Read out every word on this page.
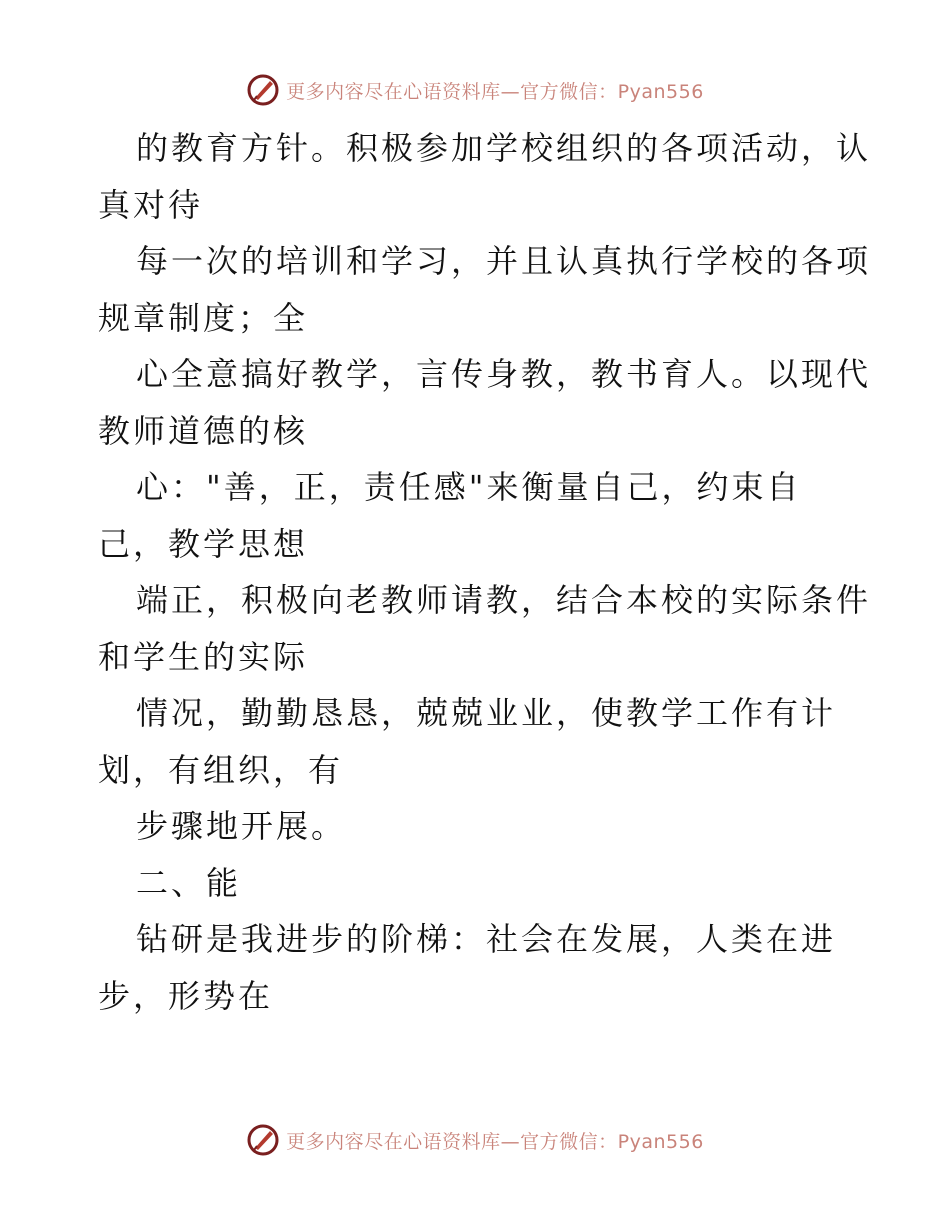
更多内容尽在心语资料库—官方微信：Pyan556
的教育方针。积极参加学校组织的各项活动，认
真对待
每一次的培训和学习，并且认真执行学校的各项
规章制度；全
心全意搞好教学，言传身教，教书育人。以现代
教师道德的核
心："善，正，责任感"来衡量自己，约束自
己，教学思想
端正，积极向老教师请教，结合本校的实际条件
和学生的实际
情况，勤勤恳恳，兢兢业业，使教学工作有计
划，有组织，有
步骤地开展。
二、能
钻研是我进步的阶梯：社会在发展，人类在进
步，形势在
更多内容尽在心语资料库—官方微信：Pyan556
